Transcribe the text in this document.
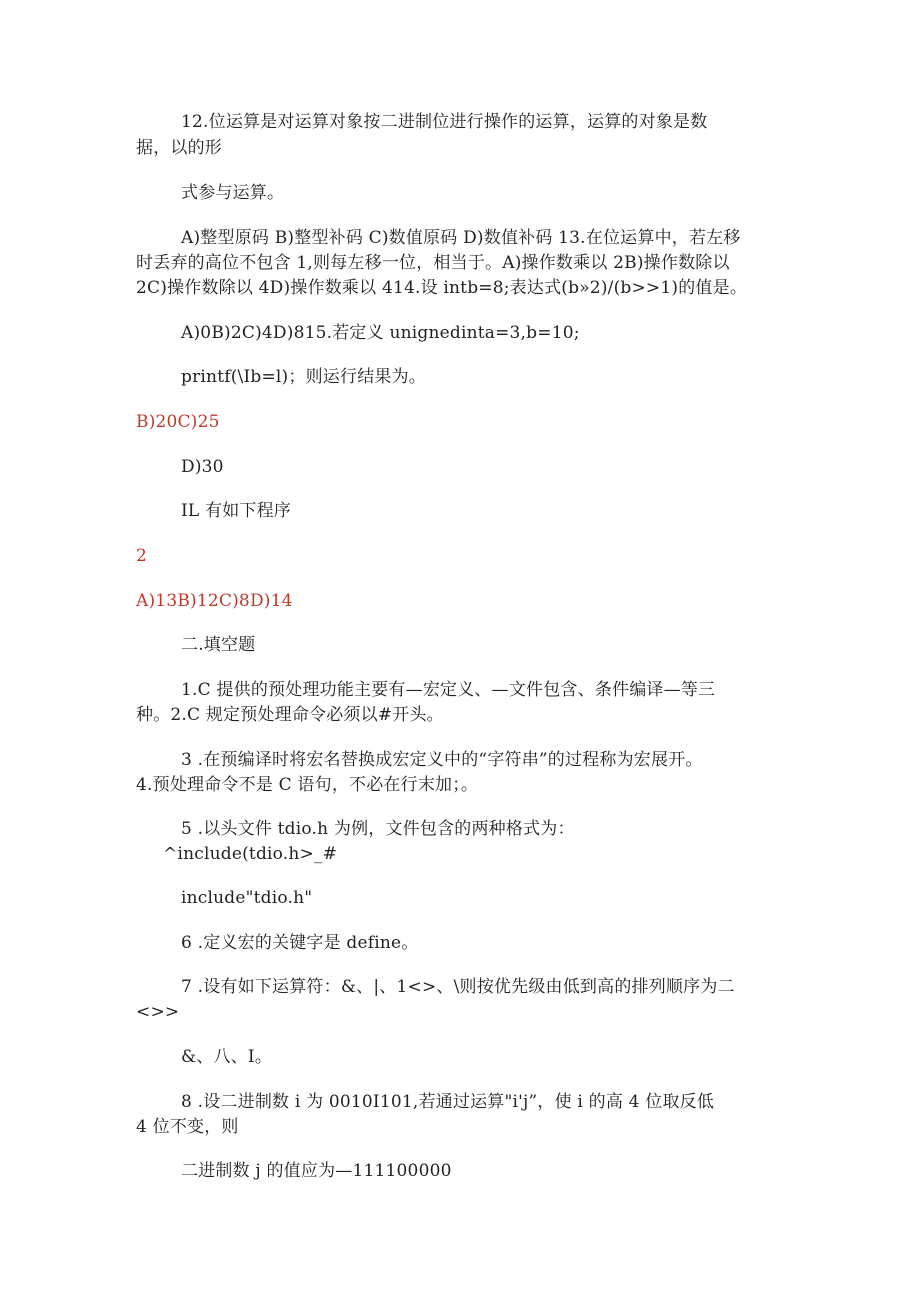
12.位运算是对运算对象按二进制位进行操作的运算，运算的对象是数
据，以的形
式参与运算。
A)整型原码 B)整型补码 C)数值原码 D)数值补码 13.在位运算中，若左移
时丢弃的高位不包含 1,则每左移一位，相当于。A)操作数乘以 2B)操作数除以
2C)操作数除以 4D)操作数乘以 414.设 intb=8;表达式(b»2)/(b>>1)的值是。
A)0B)2C)4D)815.若定义 unignedinta=3,b=10;
printf(\Ib=l)；则运行结果为。
B)20C)25
D)30
IL 有如下程序
2
A)13B)12C)8D)14
二.填空题
1.C 提供的预处理功能主要有—宏定义、—文件包含、条件编译—等三
种。2.C 规定预处理命令必须以#开头。
3 .在预编译时将宏名替换成宏定义中的“字符串”的过程称为宏展开。
4.预处理命令不是 C 语句，不必在行末加；。
5 .以头文件 tdio.h 为例，文件包含的两种格式为：
^include(tdio.h>_#
include"tdio.h"
6 .定义宏的关键字是 define。
7 .设有如下运算符：&、|、1<>、\则按优先级由低到高的排列顺序为二
<>>
&、八、I。
8 .设二进制数 i 为 0010I101,若通过运算"i'j”，使 i 的高 4 位取反低
4 位不变，则
二进制数 j 的值应为—111100000
